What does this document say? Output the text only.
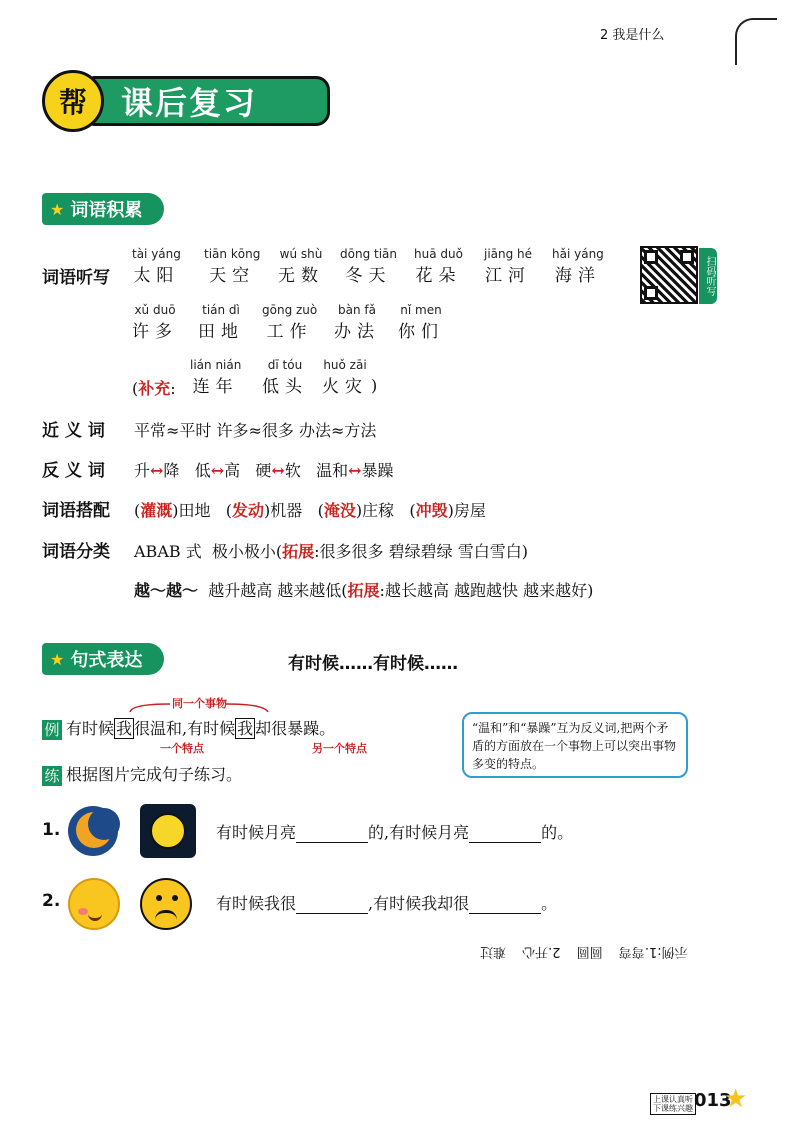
2 我是什么
课后复习
帮
★ 词语积累
词语听写
tài yáng
太阳
tiān kōng
天空
wú shù
无数
dōng tiān
冬天
huā duǒ
花朵
jiāng hé
江河
hǎi yáng
海洋	扫码听写
xǔ duō
许多
tián dì
田地
gōng zuò
工作
bàn fǎ
办法
nǐ men
你们
(补充:
lián nián
连年
dī tóu
低头
huǒ zāi
火灾 )
近 义 词 平常≈平时 许多≈很多 办法≈方法
反 义 词 升↔降 低↔高 硬↔软 温和↔暴躁
词语搭配 (灌溉)田地   (发动)机器   (淹没)庄稼   (冲毁)房屋
词语分类 ABAB 式 极小极小(拓展:很多很多 碧绿碧绿 雪白雪白)
越～越～ 越升越高 越来越低(拓展:越长越高 越跑越快 越来越好)
★ 句式表达	有时候……有时候……
同一个事物
例 有时候 我 很温和,有时候 我 却很暴躁。
一个特点	另一个特点
“温和”和“暴躁”互为反义词,把两个矛盾的方面放在一个事物上可以突出事物多变的特点。
练 根据图片完成句子练习。
1.	有时候月亮	的,有时候月亮	的。
2.	有时候我很	,有时候我却很	。
示例:1.弯弯 圆圆 2.开心 难过
上课认真听
下课练兴趣 013
★
